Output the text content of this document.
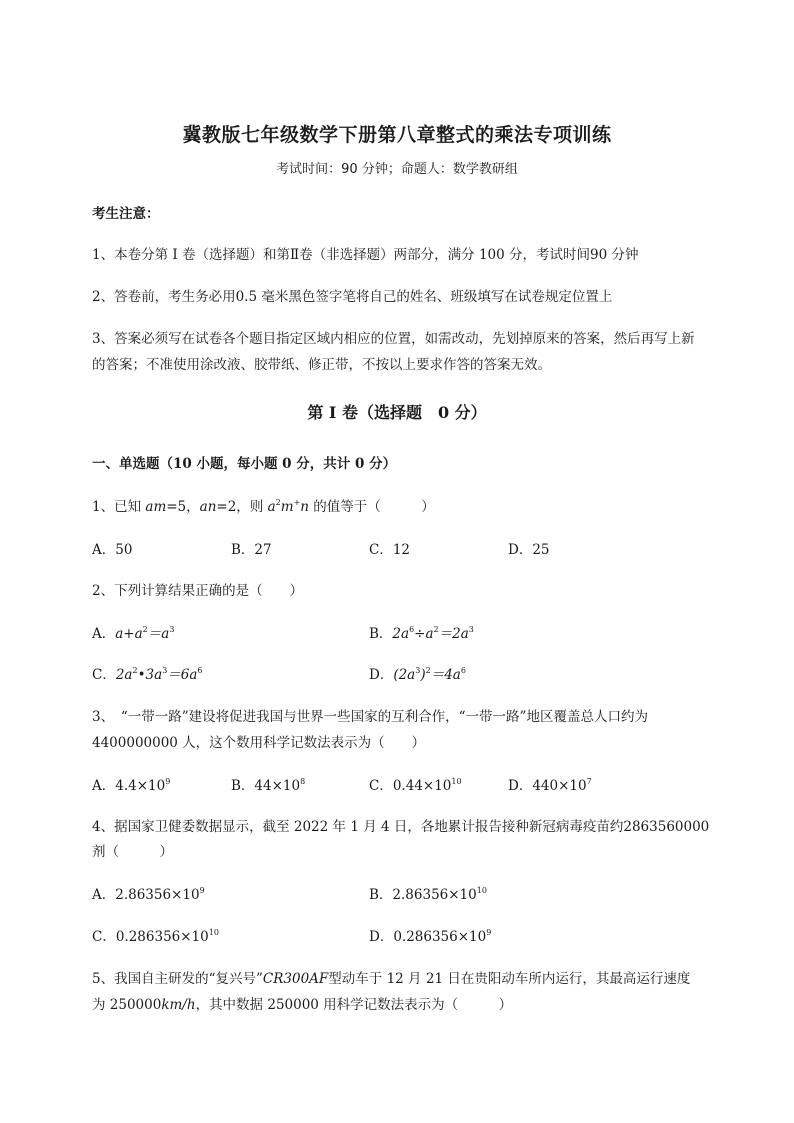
冀教版七年级数学下册第八章整式的乘法专项训练
考试时间：90 分钟；命题人：数学教研组
考生注意：
1、本卷分第 I 卷（选择题）和第Ⅱ卷（非选择题）两部分，满分 100 分，考试时间90 分钟
2、答卷前，考生务必用0.5 毫米黑色签字笔将自己的姓名、班级填写在试卷规定位置上
3、答案必须写在试卷各个题目指定区域内相应的位置，如需改动，先划掉原来的答案，然后再写上新
的答案；不准使用涂改液、胶带纸、修正带，不按以上要求作答的答案无效。
第 I 卷（选择题　0 分）
一、单选题（10 小题，每小题 0 分，共计 0 分）
1、已知 am=5，an=2，则 $a^2m^+n$ 的值等于（　　　）
A．50	B．27	C．12	D．25
2、下列计算结果正确的是（　　）
A．$a+a^2=a^3$	B．$2a^6\div a^2=2a^3$
C．$2a^2•3a^3=6a^6$	D．$(2a^3)^2=4a^6$
3、　“一带一路”建设将促进我国与世界一些国家的互利合作，“一带一路”地区覆盖总人口约为
4400000000 人，这个数用科学记数法表示为（　　）
A．$4.4\times 10^9$	B．$44\times 10^8$	C．$0.44\times 10^{10}$	D．$440\times 10^7$
4、据国家卫健委数据显示，截至 2022 年 1 月 4 日，各地累计报告接种新冠病毒疫苗约2863560000
剂（　　　）
A．$2.86356\times 10^9$	B．$2.86356\times 10^{10}$
C．$0.286356\times 10^{10}$	D．$0.286356\times 10^9$
5、我国自主研发的“复兴号”CR300AF型动车于 12 月 21 日在贵阳动车所内运行，其最高运行速度
为 250000km/h，其中数据 250000 用科学记数法表示为（　　　）
